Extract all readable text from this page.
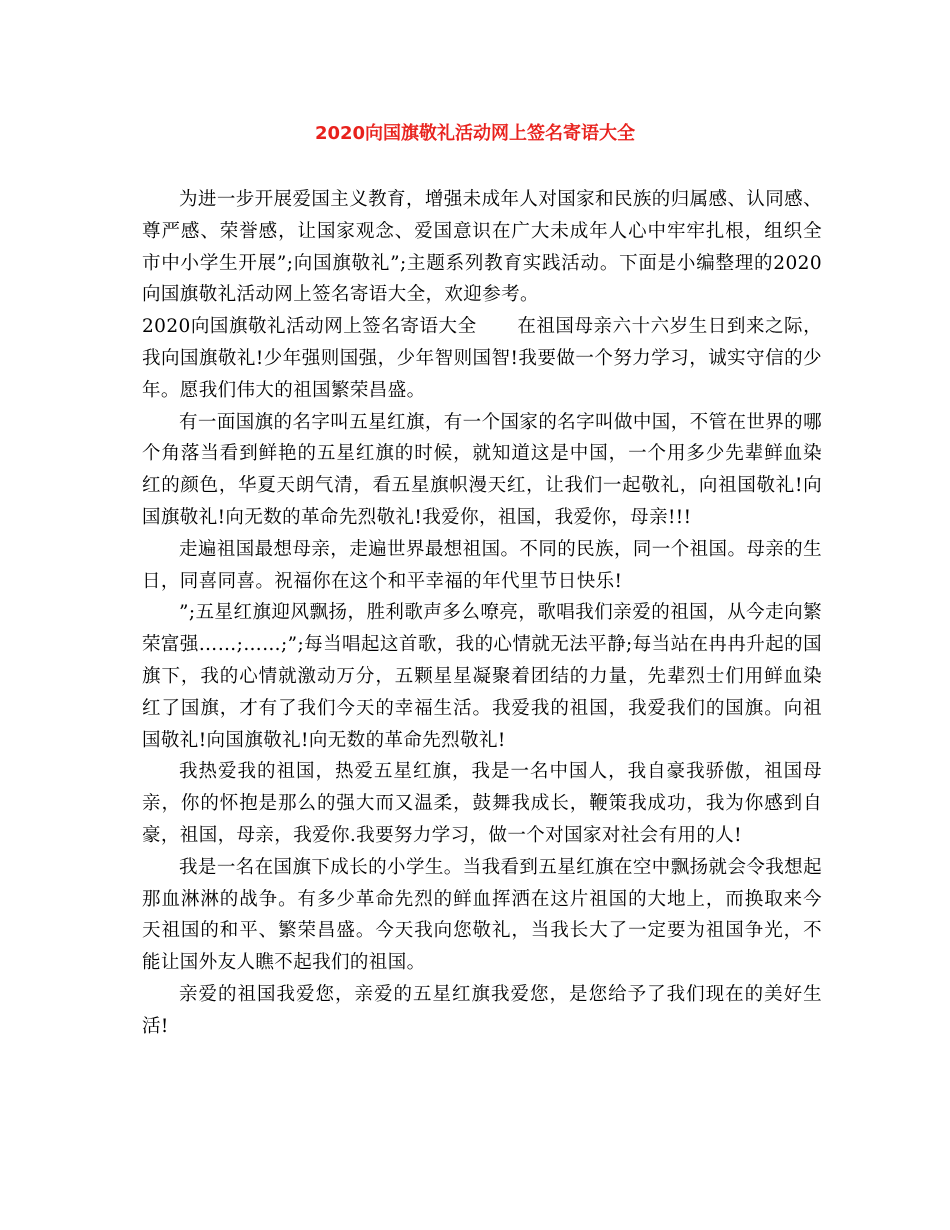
2020向国旗敬礼活动网上签名寄语大全

为进一步开展爱国主义教育，增强未成年人对国家和民族的归属感、认同感、尊严感、荣誉感，让国家观念、爱国意识在广大未成年人心中牢牢扎根，组织全市中小学生开展”;向国旗敬礼”;主题系列教育实践活动。下面是小编整理的2020向国旗敬礼活动网上签名寄语大全，欢迎参考。

2020向国旗敬礼活动网上签名寄语大全 在祖国母亲六十六岁生日到来之际，我向国旗敬礼!少年强则国强，少年智则国智!我要做一个努力学习，诚实守信的少年。愿我们伟大的祖国繁荣昌盛。

有一面国旗的名字叫五星红旗，有一个国家的名字叫做中国，不管在世界的哪个角落当看到鲜艳的五星红旗的时候，就知道这是中国，一个用多少先辈鲜血染红的颜色，华夏天朗气清，看五星旗帜漫天红，让我们一起敬礼，向祖国敬礼!向国旗敬礼!向无数的革命先烈敬礼!我爱你，祖国，我爱你，母亲!!!

走遍祖国最想母亲，走遍世界最想祖国。不同的民族，同一个祖国。母亲的生日，同喜同喜。祝福你在这个和平幸福的年代里节日快乐!

”;五星红旗迎风飘扬，胜利歌声多么嘹亮，歌唱我们亲爱的祖国，从今走向繁荣富强……;……;”;每当唱起这首歌，我的心情就无法平静;每当站在冉冉升起的国旗下，我的心情就激动万分，五颗星星凝聚着团结的力量，先辈烈士们用鲜血染红了国旗，才有了我们今天的幸福生活。我爱我的祖国，我爱我们的国旗。向祖国敬礼!向国旗敬礼!向无数的革命先烈敬礼!

我热爱我的祖国，热爱五星红旗，我是一名中国人，我自豪我骄傲，祖国母亲，你的怀抱是那么的强大而又温柔，鼓舞我成长，鞭策我成功，我为你感到自豪，祖国，母亲，我爱你.我要努力学习，做一个对国家对社会有用的人!

我是一名在国旗下成长的小学生。当我看到五星红旗在空中飘扬就会令我想起那血淋淋的战争。有多少革命先烈的鲜血挥洒在这片祖国的大地上，而换取来今天祖国的和平、繁荣昌盛。今天我向您敬礼，当我长大了一定要为祖国争光，不能让国外友人瞧不起我们的祖国。

亲爱的祖国我爱您，亲爱的五星红旗我爱您，是您给予了我们现在的美好生活!
